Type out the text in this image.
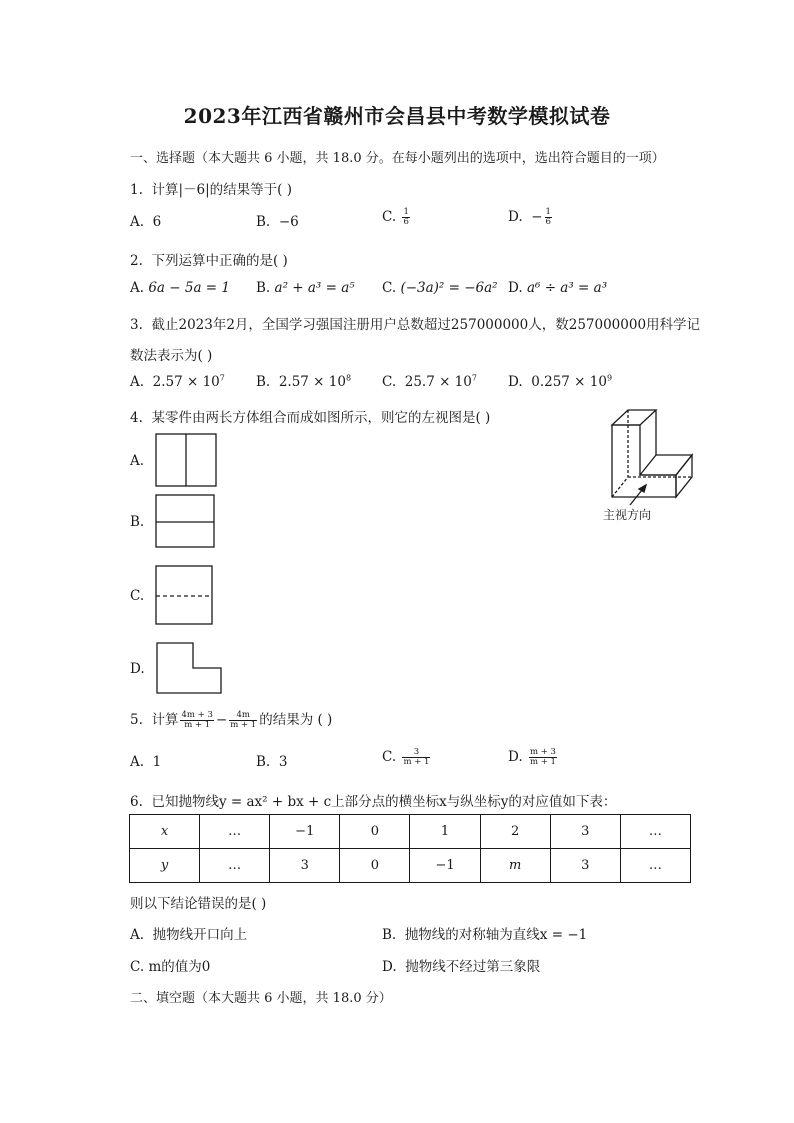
2023年江西省赣州市会昌县中考数学模拟试卷
一、选择题（本大题共 6 小题，共 18.0 分。在每小题列出的选项中，选出符合题目的一项）
1. 计算|－6|的结果等于( )
A. 6	B. −6	C. $\frac{1}{6}$	D. − $\frac{1}{6}$
2. 下列运算中正确的是( )
A. 6a − 5a = 1 B. a² + a³ = a⁵ C. (−3a)² = −6a² D. a⁶ ÷ a³ = a³
3. 截止2023年2月，全国学习强国注册用户总数超过257000000人，数257000000用科学记
数法表示为( )
A. $2.57 \times 10^7$ B. $2.57 \times 10^8$ C. $25.7 \times 10^7$ D. $0.257 \times 10^9$
4. 某零件由两长方体组合而成如图所示，则它的左视图是( )
主视方向
A.
B.
C.
D.
5. 计算 $\frac{4m + 3}{m + 1} - \frac{4m}{m + 1}$ 的结果为 ( )
A. 1	B. 3	C. $\frac{3}{m + 1}$	D. $\frac{m + 3}{m + 1}$
6. 已知抛物线y = ax² + bx + c上部分点的横坐标x与纵坐标y的对应值如下表：
x	…	−1	0	1	2	3	…
y	…	3	0	−1	m	3	…
则以下结论错误的是( )
A. 抛物线开口向上	B. 抛物线的对称轴为直线x = −1
C. m的值为0	D. 抛物线不经过第三象限
二、填空题（本大题共 6 小题，共 18.0 分）
